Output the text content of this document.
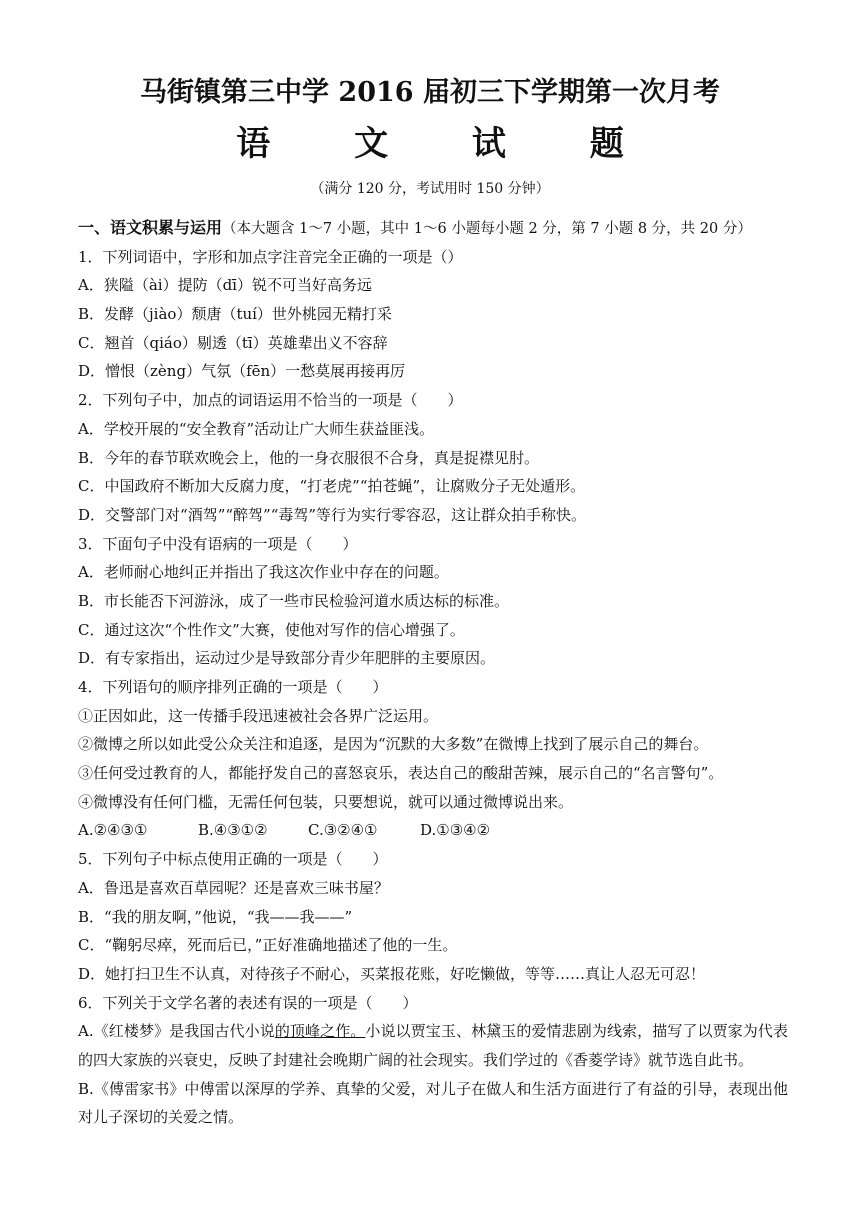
马街镇第三中学 2016 届初三下学期第一次月考
语 文 试 题
（满分 120 分，考试用时 150 分钟）
一、语文积累与运用（本大题含 1～7 小题，其中 1～6 小题每小题 2 分，第 7 小题 8 分，共 20 分）
1．下列词语中，字形和加点字注音完全正确的一项是（）
A．狭隘（ài）提防（dī）锐不可当好高务远
B．发酵（jiào）颓唐（tuí）世外桃园无精打采
C．翘首（qiáo）剔透（tī）英雄辈出义不容辞
D．憎恨（zèng）气氛（fēn）一愁莫展再接再厉
2．下列句子中，加点的词语运用不恰当的一项是（　　）
A．学校开展的“安全教育”活动让广大师生获益匪浅。
B．今年的春节联欢晚会上，他的一身衣服很不合身，真是捉襟见肘。
C．中国政府不断加大反腐力度，“打老虎”“拍苍蝇”，让腐败分子无处遁形。
D．交警部门对“酒驾”“醉驾”“毒驾”等行为实行零容忍，这让群众拍手称快。
3．下面句子中没有语病的一项是（　　）
A．老师耐心地纠正并指出了我这次作业中存在的问题。
B．市长能否下河游泳，成了一些市民检验河道水质达标的标准。
C．通过这次“个性作文”大赛，使他对写作的信心增强了。
D．有专家指出，运动过少是导致部分青少年肥胖的主要原因。
4．下列语句的顺序排列正确的一项是（　　）
①正因如此，这一传播手段迅速被社会各界广泛运用。
②微博之所以如此受公众关注和追逐，是因为“沉默的大多数”在微博上找到了展示自己的舞台。
③任何受过教育的人，都能抒发自己的喜怒哀乐，表达自己的酸甜苦辣，展示自己的“名言警句”。
④微博没有任何门槛，无需任何包装，只要想说，就可以通过微博说出来。
A.②④③①	B.④③①②	C.③②④①	D.①③④②
5．下列句子中标点使用正确的一项是（　　）
A．鲁迅是喜欢百草园呢？还是喜欢三味书屋？
B．“我的朋友啊，”他说，“我——我——”
C．“鞠躬尽瘁，死而后已，”正好准确地描述了他的一生。
D．她打扫卫生不认真，对待孩子不耐心，买菜报花账，好吃懒做，等等……真让人忍无可忍！
6．下列关于文学名著的表述有误的一项是（　　）
A.《红楼梦》是我国古代小说的顶峰之作。小说以贾宝玉、林黛玉的爱情悲剧为线索，描写了以贾家为代表的四大家族的兴衰史，反映了封建社会晚期广阔的社会现实。我们学过的《香菱学诗》就节选自此书。
B.《傅雷家书》中傅雷以深厚的学养、真挚的父爱，对儿子在做人和生活方面进行了有益的引导，表现出他对儿子深切的关爱之情。
